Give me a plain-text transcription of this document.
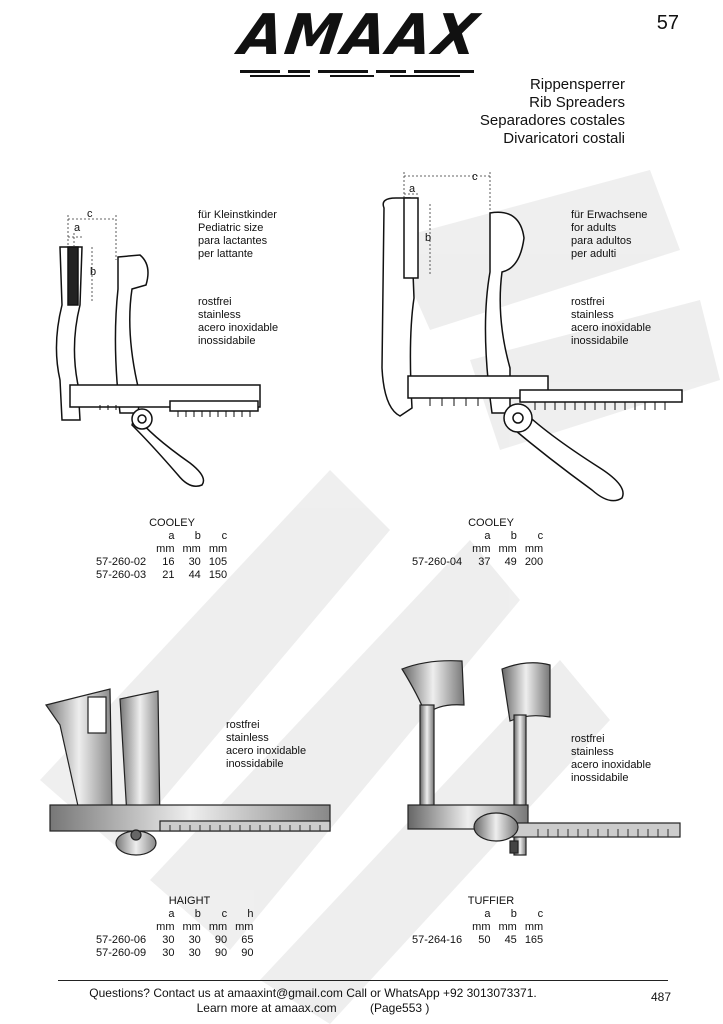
AMAAX	57
Rippensperrer
Rib Spreaders
Separadores costales
Divaricatori costali
c
a
b
für Kleinstkinder
Pediatric size
para lactantes
per lattante
rostfrei
stainless
acero inoxidable
inossidabile
COOLEY
	a	b	c
	mm	mm	mm
57-260-02	16	30	105
57-260-03	21	44	150
c
a
b
für Erwachsene
for adults
para adultos
per adulti
rostfrei
stainless
acero inoxidable
inossidabile
COOLEY
	a	b	c
	mm	mm	mm
57-260-04	37	49	200
rostfrei
stainless
acero inoxidable
inossidabile
HAIGHT
	a	b	c	h
	mm	mm	mm	mm
57-260-06	30	30	90	65
57-260-09	30	30	90	90
rostfrei
stainless
acero inoxidable
inossidabile
TUFFIER
	a	b	c
	mm	mm	mm
57-264-16	50	45	165
Questions? Contact us at amaaxint@gmail.com Call or WhatsApp +92 3013073371.
Learn more at amaax.com          (Page553 )
487
